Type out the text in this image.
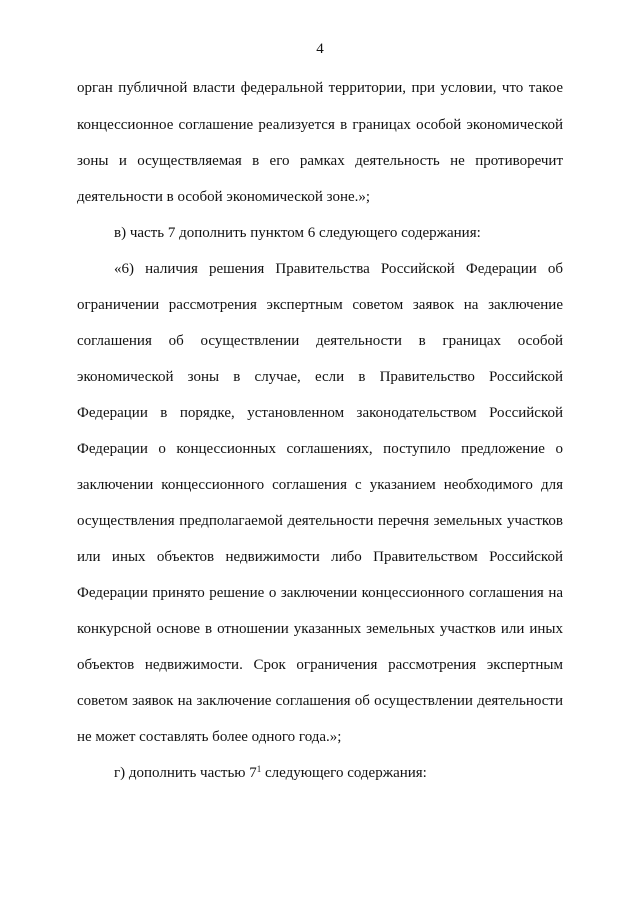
4
орган публичной власти федеральной территории, при условии, что такое
концессионное соглашение реализуется в границах особой экономической
зоны и осуществляемая в его рамках деятельность не противоречит
деятельности в особой экономической зоне.»;
в) часть 7 дополнить пунктом 6 следующего содержания:
«6) наличия решения Правительства Российской Федерации об
ограничении рассмотрения экспертным советом заявок на заключение
соглашения об осуществлении деятельности в границах особой
экономической зоны в случае, если в Правительство Российской
Федерации в порядке, установленном законодательством Российской
Федерации о концессионных соглашениях, поступило предложение о
заключении концессионного соглашения с указанием необходимого для
осуществления предполагаемой деятельности перечня земельных участков
или иных объектов недвижимости либо Правительством Российской
Федерации принято решение о заключении концессионного соглашения на
конкурсной основе в отношении указанных земельных участков или иных
объектов недвижимости. Срок ограничения рассмотрения экспертным
советом заявок на заключение соглашения об осуществлении деятельности
не может составлять более одного года.»;
г) дополнить частью $7^1$ следующего содержания:
